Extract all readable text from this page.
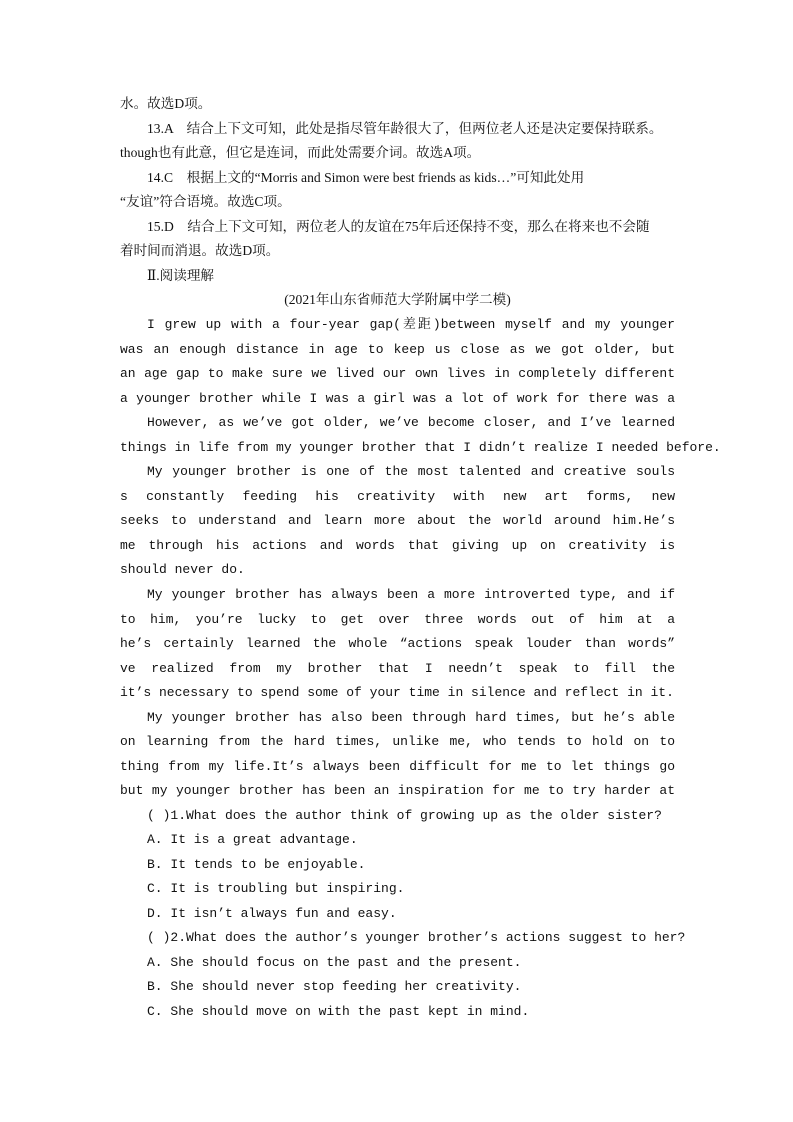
水。故选D项。
13.A　结合上下文可知，此处是指尽管年龄很大了，但两位老人还是决定要保持联系。
though也有此意，但它是连词，而此处需要介词。故选A项。
14.C　根据上文的“Morris and Simon were best friends as kids…”可知此处用
“友谊”符合语境。故选C项。
15.D　结合上下文可知，两位老人的友谊在75年后还保持不变，那么在将来也不会随
着时间而消退。故选D项。
Ⅱ.阅读理解
(2021年山东省师范大学附属中学二模)
I grew up with a four-year gap(差距)between myself and my younger
was an enough distance in age to keep us close as we got older, but
an age gap to make sure we lived our own lives in completely different
a younger brother while I was a girl was a lot of work for there was a
However, as we’ve got older, we’ve become closer, and I’ve learned
things in life from my younger brother that I didn’t realize I needed before.
My younger brother is one of the most talented and creative souls
s constantly feeding his creativity with new art forms, new
seeks to understand and learn more about the world around him.He’s
me through his actions and words that giving up on creativity is
should never do.
My younger brother has always been a more introverted type, and if
to him, you’re lucky to get over three words out of him at a
he’s certainly learned the whole “actions speak louder than words”
ve realized from my brother that I needn’t speak to fill the
it’s necessary to spend some of your time in silence and reflect in it.
My younger brother has also been through hard times, but he’s able
on learning from the hard times, unlike me, who tends to hold on to
thing from my life.It’s always been difficult for me to let things go
but my younger brother has been an inspiration for me to try harder at
( )1.What does the author think of growing up as the older sister?
A. It is a great advantage.
B. It tends to be enjoyable.
C. It is troubling but inspiring.
D. It isn’t always fun and easy.
( )2.What does the author’s younger brother’s actions suggest to her?
A. She should focus on the past and the present.
B. She should never stop feeding her creativity.
C. She should move on with the past kept in mind.
